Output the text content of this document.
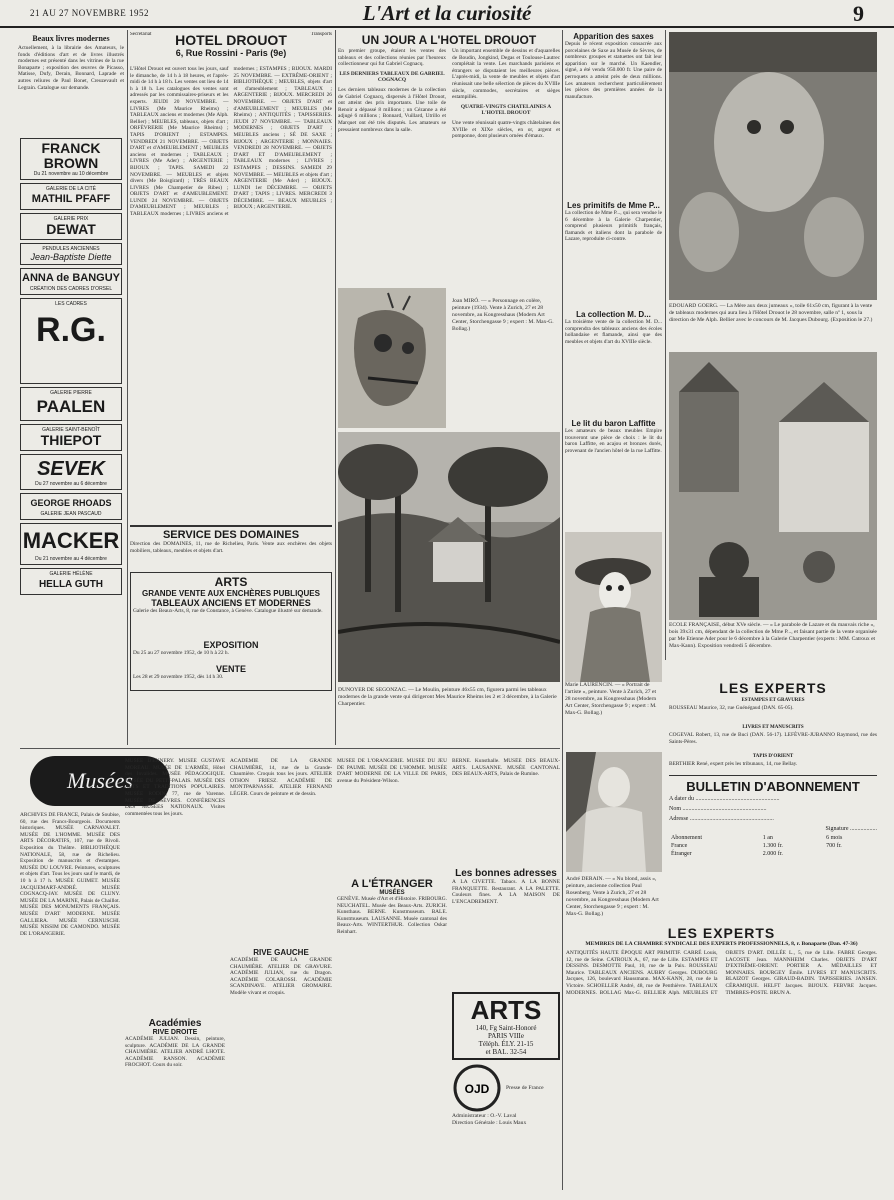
21 AU 27 NOVEMBRE 1952	L'Art et la curiosité	9
Beaux livres modernes
Actuellement, à la librairie des Amateurs, le fonds d'éditions d'art et de livres illustrés modernes est présenté dans les vitrines de la rue Bonaparte ; exposition des œuvres de Picasso, Matisse, Dufy, Derain, Bonnard, Laprade et autres reliures de Paul Bonet, Creuzevault et Legrain. Catalogue sur demande.
FRANCK BROWN
Du 21 novembre au 10 décembre
GALERIE DE LA CITÉ
MATHIL PFAFF
GALERIE PRIX
DEWAT
PENDULES ANCIENNES
Jean-Baptiste Diette
ANNA de BANGUY
CRÉATION DES CADRES D'ORSEL
LES CADRES
R.G.
GALERIE PIERRE
PAALEN
GALERIE SAINT-BENOÎT
THIEPOT
SEVEK
Du 27 novembre au 6 décembre
GEORGE RHOADS
GALERIE JEAN PASCAUD
MACKER
Du 21 novembre au 4 décembre
GALERIE HÉLÈNE
HELLA GUTH
Secrétariat	Transports
HOTEL DROUOT
6, Rue Rossini - Paris (9e)
L'Hôtel Drouot est ouvert tous les jours, sauf le dimanche, de 14 h à 18 heures, et l'après-midi de 14 h à 18 h. Les ventes ont lieu de 14 h à 18 h. Les catalogues des ventes sont adressés par les commissaires-priseurs et les experts. JEUDI 20 NOVEMBRE. — LIVRES (Me Maurice Rheims) ; TABLEAUX anciens et modernes (Me Alph. Bellier) ; MEUBLES, tableaux, objets d'art ; ORFÈVRERIE (Me Maurice Rheims) ; TAPIS D'ORIENT ; ESTAMPES. VENDREDI 21 NOVEMBRE. — OBJETS D'ART et d'AMEUBLEMENT ; MEUBLES anciens et modernes ; TABLEAUX ; LIVRES (Me Ader) ; ARGENTERIE ; BIJOUX ; TAPIS. SAMEDI 22 NOVEMBRE. — MEUBLES et objets divers (Me Boisgirard) ; TRÈS BEAUX LIVRES (Me Champetier de Ribes) ; OBJETS D'ART et d'AMEUBLEMENT. LUNDI 24 NOVEMBRE. — OBJETS D'AMEUBLEMENT ; MEUBLES ; TABLEAUX modernes ; LIVRES anciens et modernes ; ESTAMPES ; BIJOUX. MARDI 25 NOVEMBRE. — EXTRÊME-ORIENT ; BIBLIOTHÈQUE ; MEUBLES, objets d'art et d'ameublement ; TABLEAUX ; ARGENTERIE ; BIJOUX. MERCREDI 26 NOVEMBRE. — OBJETS D'ART et d'AMEUBLEMENT ; MEUBLES (Me Rheims) ; ANTIQUITÉS ; TAPISSERIES. JEUDI 27 NOVEMBRE. — TABLEAUX MODERNES ; OBJETS D'ART ; MEUBLES anciens ; SÉ DE SAXE ; BIJOUX ; ARGENTERIE ; MONNAIES. VENDREDI 28 NOVEMBRE. — OBJETS D'ART ET D'AMEUBLEMENT ; TABLEAUX modernes ; LIVRES ; ESTAMPES ; DESSINS. SAMEDI 29 NOVEMBRE. — MEUBLES et objets d'art ; ARGENTERIE (Me Ader) ; BIJOUX. LUNDI 1er DÉCEMBRE. — OBJETS D'ART ; TAPIS ; LIVRES. MERCREDI 3 DÉCEMBRE. — BEAUX MEUBLES ; BIJOUX ; ARGENTERIE.
SERVICE DES DOMAINES
Direction des DOMAINES, 11, rue de Richelieu, Paris. Vente aux enchères des objets mobiliers, tableaux, meubles et objets d'art.
ARTS
GRANDE VENTE AUX ENCHÈRES PUBLIQUES
TABLEAUX ANCIENS ET MODERNES
Galerie des Beaux-Arts, 8, rue de Constance, à Genève. Catalogue illustré sur demande.
EXPOSITION
Du 25 au 27 novembre 1952, de 10 h à 22 h.
VENTE
Les 28 et 29 novembre 1952, dès 14 h 30.
UN JOUR A L'HOTEL DROUOT
En premier groupe, étaient les ventes des tableaux et des collections réunies par l'heureux collectionneur qui fut Gabriel Cognacq.
LES DERNIERS TABLEAUX DE GABRIEL COGNACQ
Les derniers tableaux modernes de la collection de Gabriel Cognacq, dispersés à l'Hôtel Drouot, ont atteint des prix importants. Une toile de Renoir a dépassé 8 millions ; un Cézanne a été adjugé 6 millions ; Bonnard, Vuillard, Utrillo et Marquet ont été très disputés. Les amateurs se pressaient nombreux dans la salle.
Un important ensemble de dessins et d'aquarelles de Boudin, Jongkind, Degas et Toulouse-Lautrec complétait la vente. Les marchands parisiens et étrangers se disputaient les meilleures pièces. L'après-midi, la vente de meubles et objets d'art réunissait une belle sélection de pièces du XVIIIe siècle, commodes, secrétaires et sièges estampillés.
QUATRE-VINGTS CHATELAINES A L'HOTEL DROUOT
Une vente réunissait quatre-vingts châtelaines des XVIIIe et XIXe siècles, en or, argent et pomponne, dont plusieurs ornées d'émaux.
Joan MIRÓ. — « Personnage en colère, peinture (1934). Vente à Zurich, 27 et 28 novembre, au Kongresshaus (Modern Art Center, Storchengasse 9 ; expert : M. Max-G. Bollag.)
DUNOYER DE SEGONZAC. — Le Moulin, peinture 46x55 cm, figurera parmi les tableaux modernes de la grande vente qui dirigeront Mes Maurice Rheims les 2 et 3 décembre, à la Galerie Charpentier.
Apparition des saxes
Depuis le récent exposition consacrée aux porcelaines de Saxe au Musée de Sèvres, de nombreux groupes et statuettes ont fait leur apparition sur le marché. Un Kaendler, signé, a été vendu 950.000 fr. Une paire de perroquets a atteint près de deux millions. Les amateurs recherchent particulièrement les pièces des premières années de la manufacture.
Les primitifs de Mme P...
La collection de Mme P..., qui sera vendue le 6 décembre à la Galerie Charpentier, comprend plusieurs primitifs français, flamands et italiens dont la parabole de Lazare, reproduite ci-contre.
La collection M. D...
La troisième vente de la collection M. D... comprendra des tableaux anciens des écoles hollandaise et flamande, ainsi que des meubles et objets d'art du XVIIIe siècle.
Le lit du baron Laffitte
Les amateurs de beaux meubles Empire trouveront une pièce de choix : le lit du baron Laffitte, en acajou et bronzes dorés, provenant de l'ancien hôtel de la rue Laffitte.
Marie LAURENCIN. — « Portrait de l'artiste », peinture. Vente à Zurich, 27 et 28 novembre, au Kongresshaus (Modern Art Center, Storchengasse 9 ; expert : M. Max-G. Bollag.)
EDOUARD GOERG. — La Mère aux deux jumeaux », toile 61x50 cm, figurant à la vente de tableaux modernes qui aura lieu à l'Hôtel Drouot le 28 novembre, salle nº 1, sous la direction de Me Alph. Bellier avec le concours de M. Jacques Dubourg. (Exposition le 27.)
ECOLE FRANÇAISE, début XVe siècle. — « Le parabole de Lazare et du mauvais riche », bois 39x31 cm, dépendant de la collection de Mme P..., et faisant partie de la vente organisée par Me Etienne Ader pour le 6 décembre à la Galerie Charpentier (experts : MM. Catroux et Max-Kann). Exposition vendredi 5 décembre.
Musées
ARCHIVES DE FRANCE, Palais de Soubise, 60, rue des Francs-Bourgeois. Documents historiques. MUSÉE CARNAVALET. MUSÉE DE L'HOMME. MUSÉE DES ARTS DÉCORATIFS, 107, rue de Rivoli. Exposition du Théâtre. BIBLIOTHÈQUE NATIONALE, 58, rue de Richelieu. Exposition de manuscrits et d'estampes. MUSÉE DU LOUVRE. Peintures, sculptures et objets d'art. Tous les jours sauf le mardi, de 10 h à 17 h. MUSÉE GUIMET. MUSÉE JACQUEMART-ANDRÉ. MUSÉE COGNACQ-JAY. MUSÉE DE CLUNY. MUSÉE DE LA MARINE, Palais de Chaillot. MUSÉE DES MONUMENTS FRANÇAIS. MUSÉE D'ART MODERNE. MUSÉE GALLIERA. MUSÉE CERNUSCHI. MUSÉE NISSIM DE CAMONDO. MUSÉE DE L'ORANGERIE.
MUSÉE D'ENNERY. MUSÉE GUSTAVE MOREAU. MUSÉE DE L'ARMÉE, Hôtel des Invalides. MUSÉE PÉDAGOGIQUE. MUSÉE DU PETIT-PALAIS. MUSÉE DES ARTS ET TRADITIONS POPULAIRES. MUSÉE RODIN, 77, rue de Varenne. MUSÉE DE SÈVRES. CONFÉRENCES DES MUSÉES NATIONAUX. Visites commentées tous les jours.
Académies
RIVE DROITE
ACADÉMIE JULIAN. Dessin, peinture, sculpture. ACADÉMIE DE LA GRANDE CHAUMIÈRE. ATELIER ANDRÉ LHOTE. ACADÉMIE RANSON. ACADÉMIE FROCHOT. Cours du soir.
ACADÉMIE DE LA GRANDE CHAUMIÈRE, 14, rue de la Grande-Chaumière. Croquis tous les jours. ATELIER OTHON FRIESZ. ACADÉMIE DE MONTPARNASSE. ATELIER FERNAND LÉGER. Cours de peinture et de dessin.
RIVE GAUCHE
ACADÉMIE DE LA GRANDE CHAUMIÈRE. ATELIER DE GRAVURE. ACADÉMIE JULIAN, rue du Dragon. ACADÉMIE COLAROSSI. ACADÉMIE SCANDINAVE. ATELIER GROMAIRE. Modèle vivant et croquis.
MUSÉE DE L'ORANGERIE. MUSÉE DU JEU DE PAUME. MUSÉE DE L'HOMME. MUSÉE D'ART MODERNE DE LA VILLE DE PARIS, avenue du Président-Wilson.
A L'ÉTRANGER
MUSÉES
GENÈVE. Musée d'Art et d'Histoire. FRIBOURG. NEUCHATEL. Musée des Beaux-Arts. ZURICH. Kunsthaus. BERNE. Kunstmuseum. BALE. Kunstmuseum. LAUSANNE. Musée cantonal des Beaux-Arts. WINTERTHUR. Collection Oskar Reinhart.
BERNE. Kunsthalle. MUSÉE DES BEAUX-ARTS. LAUSANNE. MUSÉE CANTONAL DES BEAUX-ARTS, Palais de Rumine.
Les bonnes adresses
A LA CIVETTE. Tabacs. A LA BONNE FRANQUETTE. Restaurant. A LA PALETTE. Couleurs fines. A LA MAISON DE L'ENCADREMENT.
ARTS
140, Fg Saint-Honoré
PARIS VIIIe
Téléph. ÉLY. 21-15
et BAL. 32-54
OJD	Presse de France
Administrateur : O.-V. Laval
Direction Générale : Louis Maux
André DERAIN. — « Nu blond, assis », peinture, ancienne collection Paul Rosenberg. Vente à Zurich, 27 et 28 novembre, au Kongresshaus (Modern Art Center, Storchengasse 9 ; expert : M. Max-G. Bollag.)
LES EXPERTS
ESTAMPES ET GRAVURES
ROUSSEAU Maurice, 32, rue Guénégaud (DAN. 65-05).
LIVRES ET MANUSCRITS
COGEVAL Robert, 13, rue de Buci (DAN. 56-17). LEFÈVRE-JUBANNO Raymond, rue des Saints-Pères.
TAPIS D'ORIENT
BERTHIER René, expert près les tribunaux, 14, rue Bellay.
BULLETIN D'ABONNEMENT
A dater du ........................................................
Nom ........................................................
Adresse ........................................................
Signature ..................
Abonnement	1 an	6 mois
France	1.300 fr.	700 fr.
Étranger	2.000 fr.	
LES EXPERTS
MEMBRES DE LA CHAMBRE SYNDICALE DES EXPERTS PROFESSIONNELS, 8, r. Bonaparte (Dan. 47-36)
ANTIQUITÉS HAUTE ÉPOQUE ART PRIMITIF. CARRÉ Louis, 12, rue de Seine. CATROUX A., 67, rue de Lille. ESTAMPES ET DESSINS. DESMOTTE Paul, 10, rue de la Paix. ROUSSEAU Maurice. TABLEAUX ANCIENS. AUBRY Georges. DUBOURG Jacques, 126, boulevard Haussmann. MAX-KANN, 28, rue de la Victoire. SCHOELLER André, 48, rue de Penthièvre. TABLEAUX MODERNES. BOLLAG Max-G. BELLIER Alph. MEUBLES ET OBJETS D'ART. DILLÉE L., 5, rue de Lille. FABRE Georges. LACOSTE Jean. MANNHEIM Charles. OBJETS D'ART D'EXTRÊME-ORIENT. PORTIER A. MÉDAILLES ET MONNAIES. BOURGEY Émile. LIVRES ET MANUSCRITS. BLAIZOT Georges. GIRAUD-BADIN. TAPISSERIES. JANSEN. CÉRAMIQUE. HELFT Jacques. BIJOUX. FEBVRE Jacques. TIMBRES-POSTE. BRUN A.
